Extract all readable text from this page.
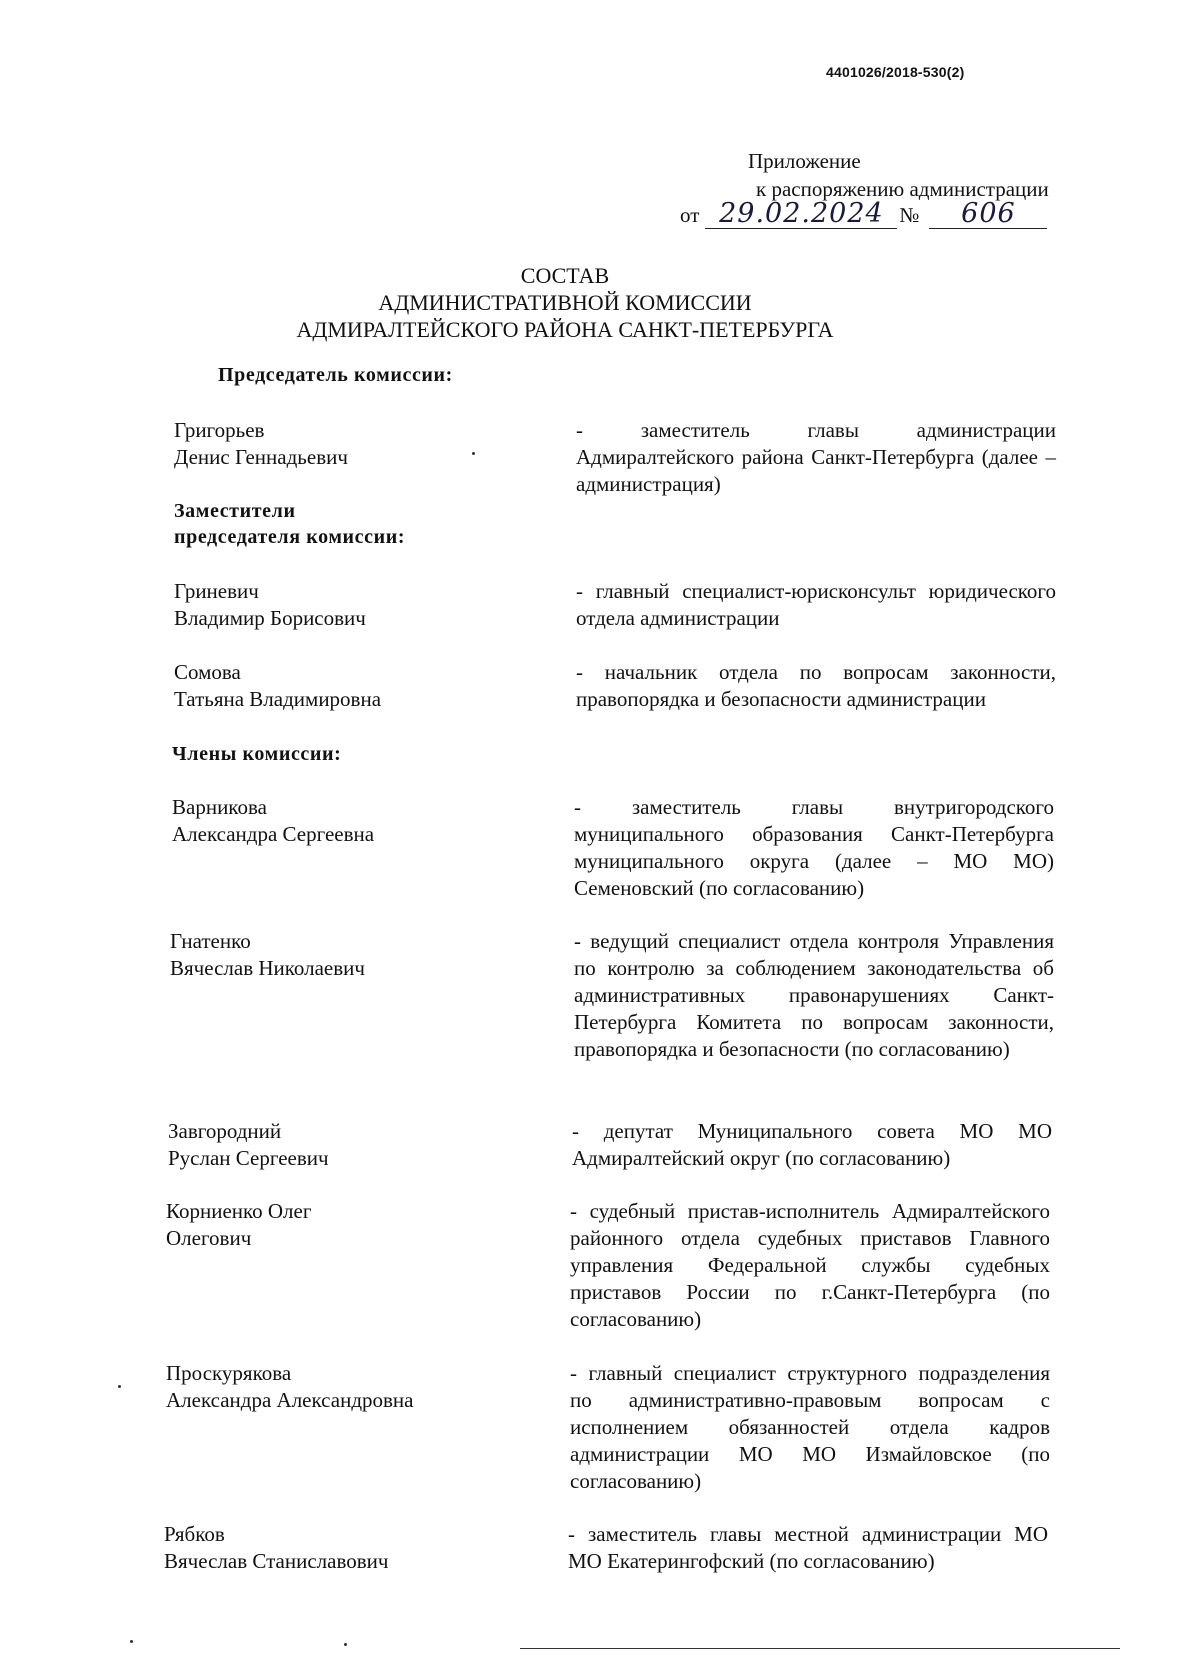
4401026/2018-530(2)
Приложение
к распоряжению администрации
от 29.02.2024 №	606
СОСТАВ
АДМИНИСТРАТИВНОЙ КОМИССИИ
АДМИРАЛТЕЙСКОГО РАЙОНА САНКТ-ПЕТЕРБУРГА
Председатель комиссии:
Григорьев
Денис Геннадьевич
- заместитель главы администрации Адмиралтейского района Санкт-Петербурга (далее – администрация)
Заместители
председателя комиссии:
Гриневич
Владимир Борисович
- главный специалист-юрисконсульт юридического отдела администрации
Сомова
Татьяна Владимировна
- начальник отдела по вопросам законности, правопорядка и безопасности администрации
Члены комиссии:
Варникова
Александра Сергеевна
- заместитель главы внутригородского муниципального образования Санкт-Петербурга муниципального округа (далее – МО МО) Семеновский (по согласованию)
Гнатенко
Вячеслав Николаевич
- ведущий специалист отдела контроля Управления по контролю за соблюдением законодательства об административных правонарушениях Санкт-Петербурга Комитета по вопросам законности, правопорядка и безопасности (по согласованию)
Завгородний
Руслан Сергеевич
- депутат Муниципального совета МО МО Адмиралтейский округ (по согласованию)
Корниенко Олег
Олегович
- судебный пристав-исполнитель Адмиралтейского районного отдела судебных приставов Главного управления Федеральной службы судебных приставов России по г.Санкт-Петербурга (по согласованию)
Проскурякова
Александра Александровна
- главный специалист структурного подразделения по административно-правовым вопросам с исполнением обязанностей отдела кадров администрации МО МО Измайловское (по согласованию)
Рябков
Вячеслав Станиславович
- заместитель главы местной администрации МО МО Екатерингофский (по согласованию)
